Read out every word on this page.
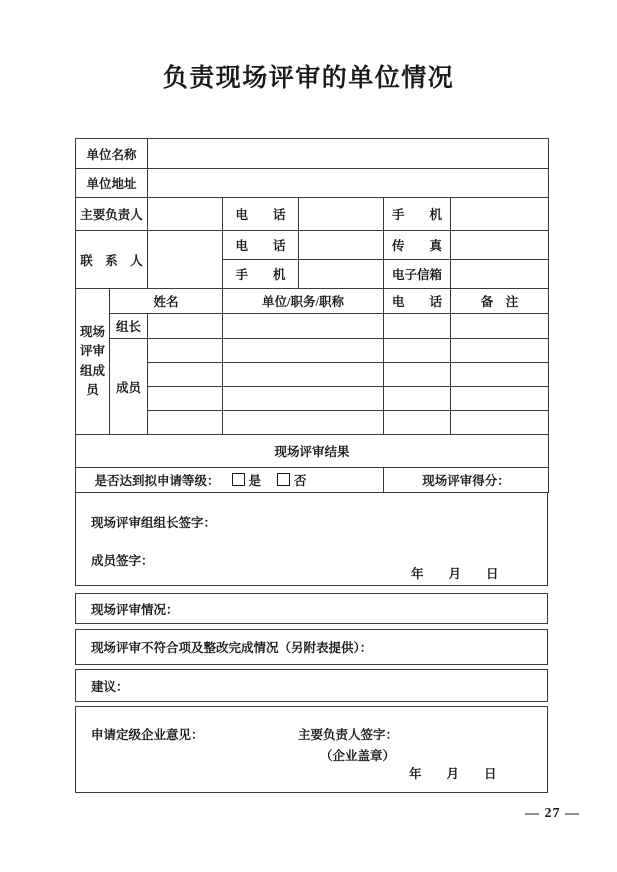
负责现场评审的单位情况
单位名称						
单位地址						
主要负责人			电　　话		手　　机	
联　系　人			电　　话		传　　真	
			手　　机		电子信箱	

现场评审组成员	姓名		单位/职务/职称		电　　话	备　注
	组长					
	成员					

现场评审结果						
是否达到拟申请等级： 是 否					现场评审得分：	
现场评审组组长签字：
成员签字：
年　　月　　日
现场评审情况：
现场评审不符合项及整改完成情况（另附表提供）：
建议：
申请定级企业意见：	主要负责人签字：
（企业盖章）
年　　月　　日
— 27 —
